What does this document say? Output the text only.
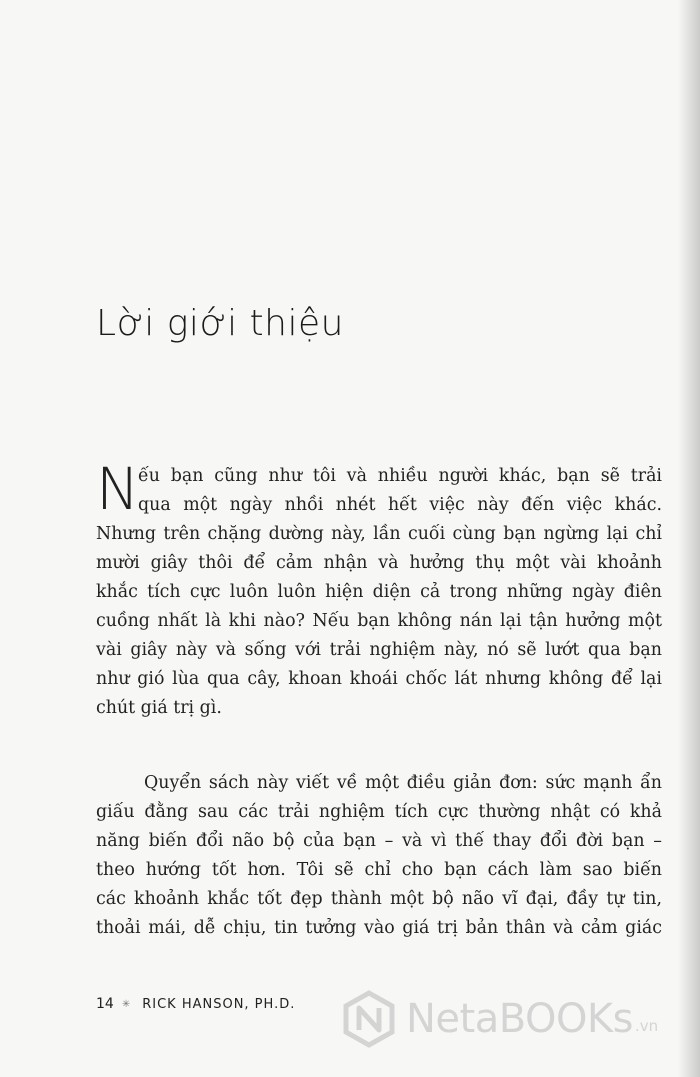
Lời giới thiệu
N
ếu bạn cũng như tôi và nhiều người khác, bạn sẽ trải
qua một ngày nhồi nhét hết việc này đến việc khác.
Nhưng trên chặng dường này, lần cuối cùng bạn ngừng lại chỉ
mười giây thôi để cảm nhận và hưởng thụ một vài khoảnh
khắc tích cực luôn luôn hiện diện cả trong những ngày điên
cuồng nhất là khi nào? Nếu bạn không nán lại tận hưởng một
vài giây này và sống với trải nghiệm này, nó sẽ lướt qua bạn
như gió lùa qua cây, khoan khoái chốc lát nhưng không để lại
chút giá trị gì.
Quyển sách này viết về một điều giản đơn: sức mạnh ẩn
giấu đằng sau các trải nghiệm tích cực thường nhật có khả
năng biến đổi não bộ của bạn – và vì thế thay đổi đời bạn –
theo hướng tốt hơn. Tôi sẽ chỉ cho bạn cách làm sao biến
các khoảnh khắc tốt đẹp thành một bộ não vĩ đại, đầy tự tin,
thoải mái, dễ chịu, tin tưởng vào giá trị bản thân và cảm giác
14 ✳ RICK HANSON, PH.D.	NetaBOOKs .vn
